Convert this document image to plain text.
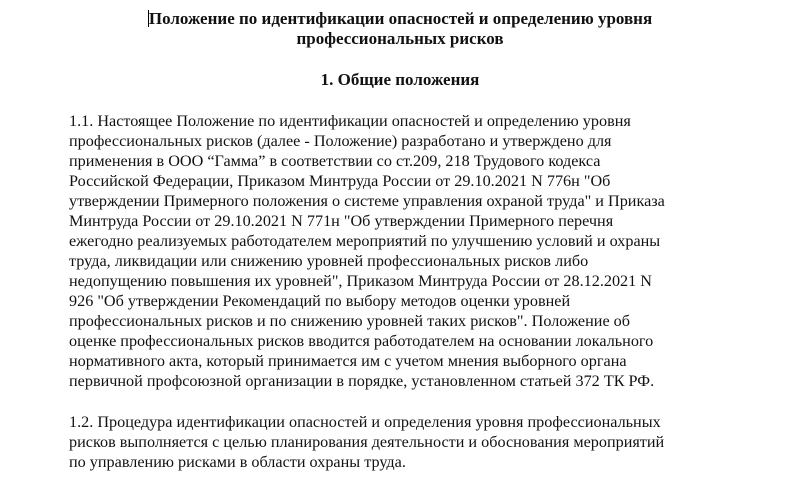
Положение по идентификации опасностей и определению уровня
профессиональных рисков
1. Общие положения

1.1. Настоящее Положение по идентификации опасностей и определению уровня
профессиональных рисков (далее - Положение) разработано и утверждено для
применения в ООО “Гамма” в соответствии со ст.209, 218 Трудового кодекса
Российской Федерации, Приказом Минтруда России от 29.10.2021 N 776н "Об
утверждении Примерного положения о системе управления охраной труда" и Приказа
Минтруда России от 29.10.2021 N 771н "Об утверждении Примерного перечня
ежегодно реализуемых работодателем мероприятий по улучшению условий и охраны
труда, ликвидации или снижению уровней профессиональных рисков либо
недопущению повышения их уровней", Приказом Минтруда России от 28.12.2021 N
926 "Об утверждении Рекомендаций по выбору методов оценки уровней
профессиональных рисков и по снижению уровней таких рисков". Положение об
оценке профессиональных рисков вводится работодателем на основании локального
нормативного акта, который принимается им с учетом мнения выборного органа
первичной профсоюзной организации в порядке, установленном статьей 372 ТК РФ.

1.2. Процедура идентификации опасностей и определения уровня профессиональных
рисков выполняется с целью планирования деятельности и обоснования мероприятий
по управлению рисками в области охраны труда.
